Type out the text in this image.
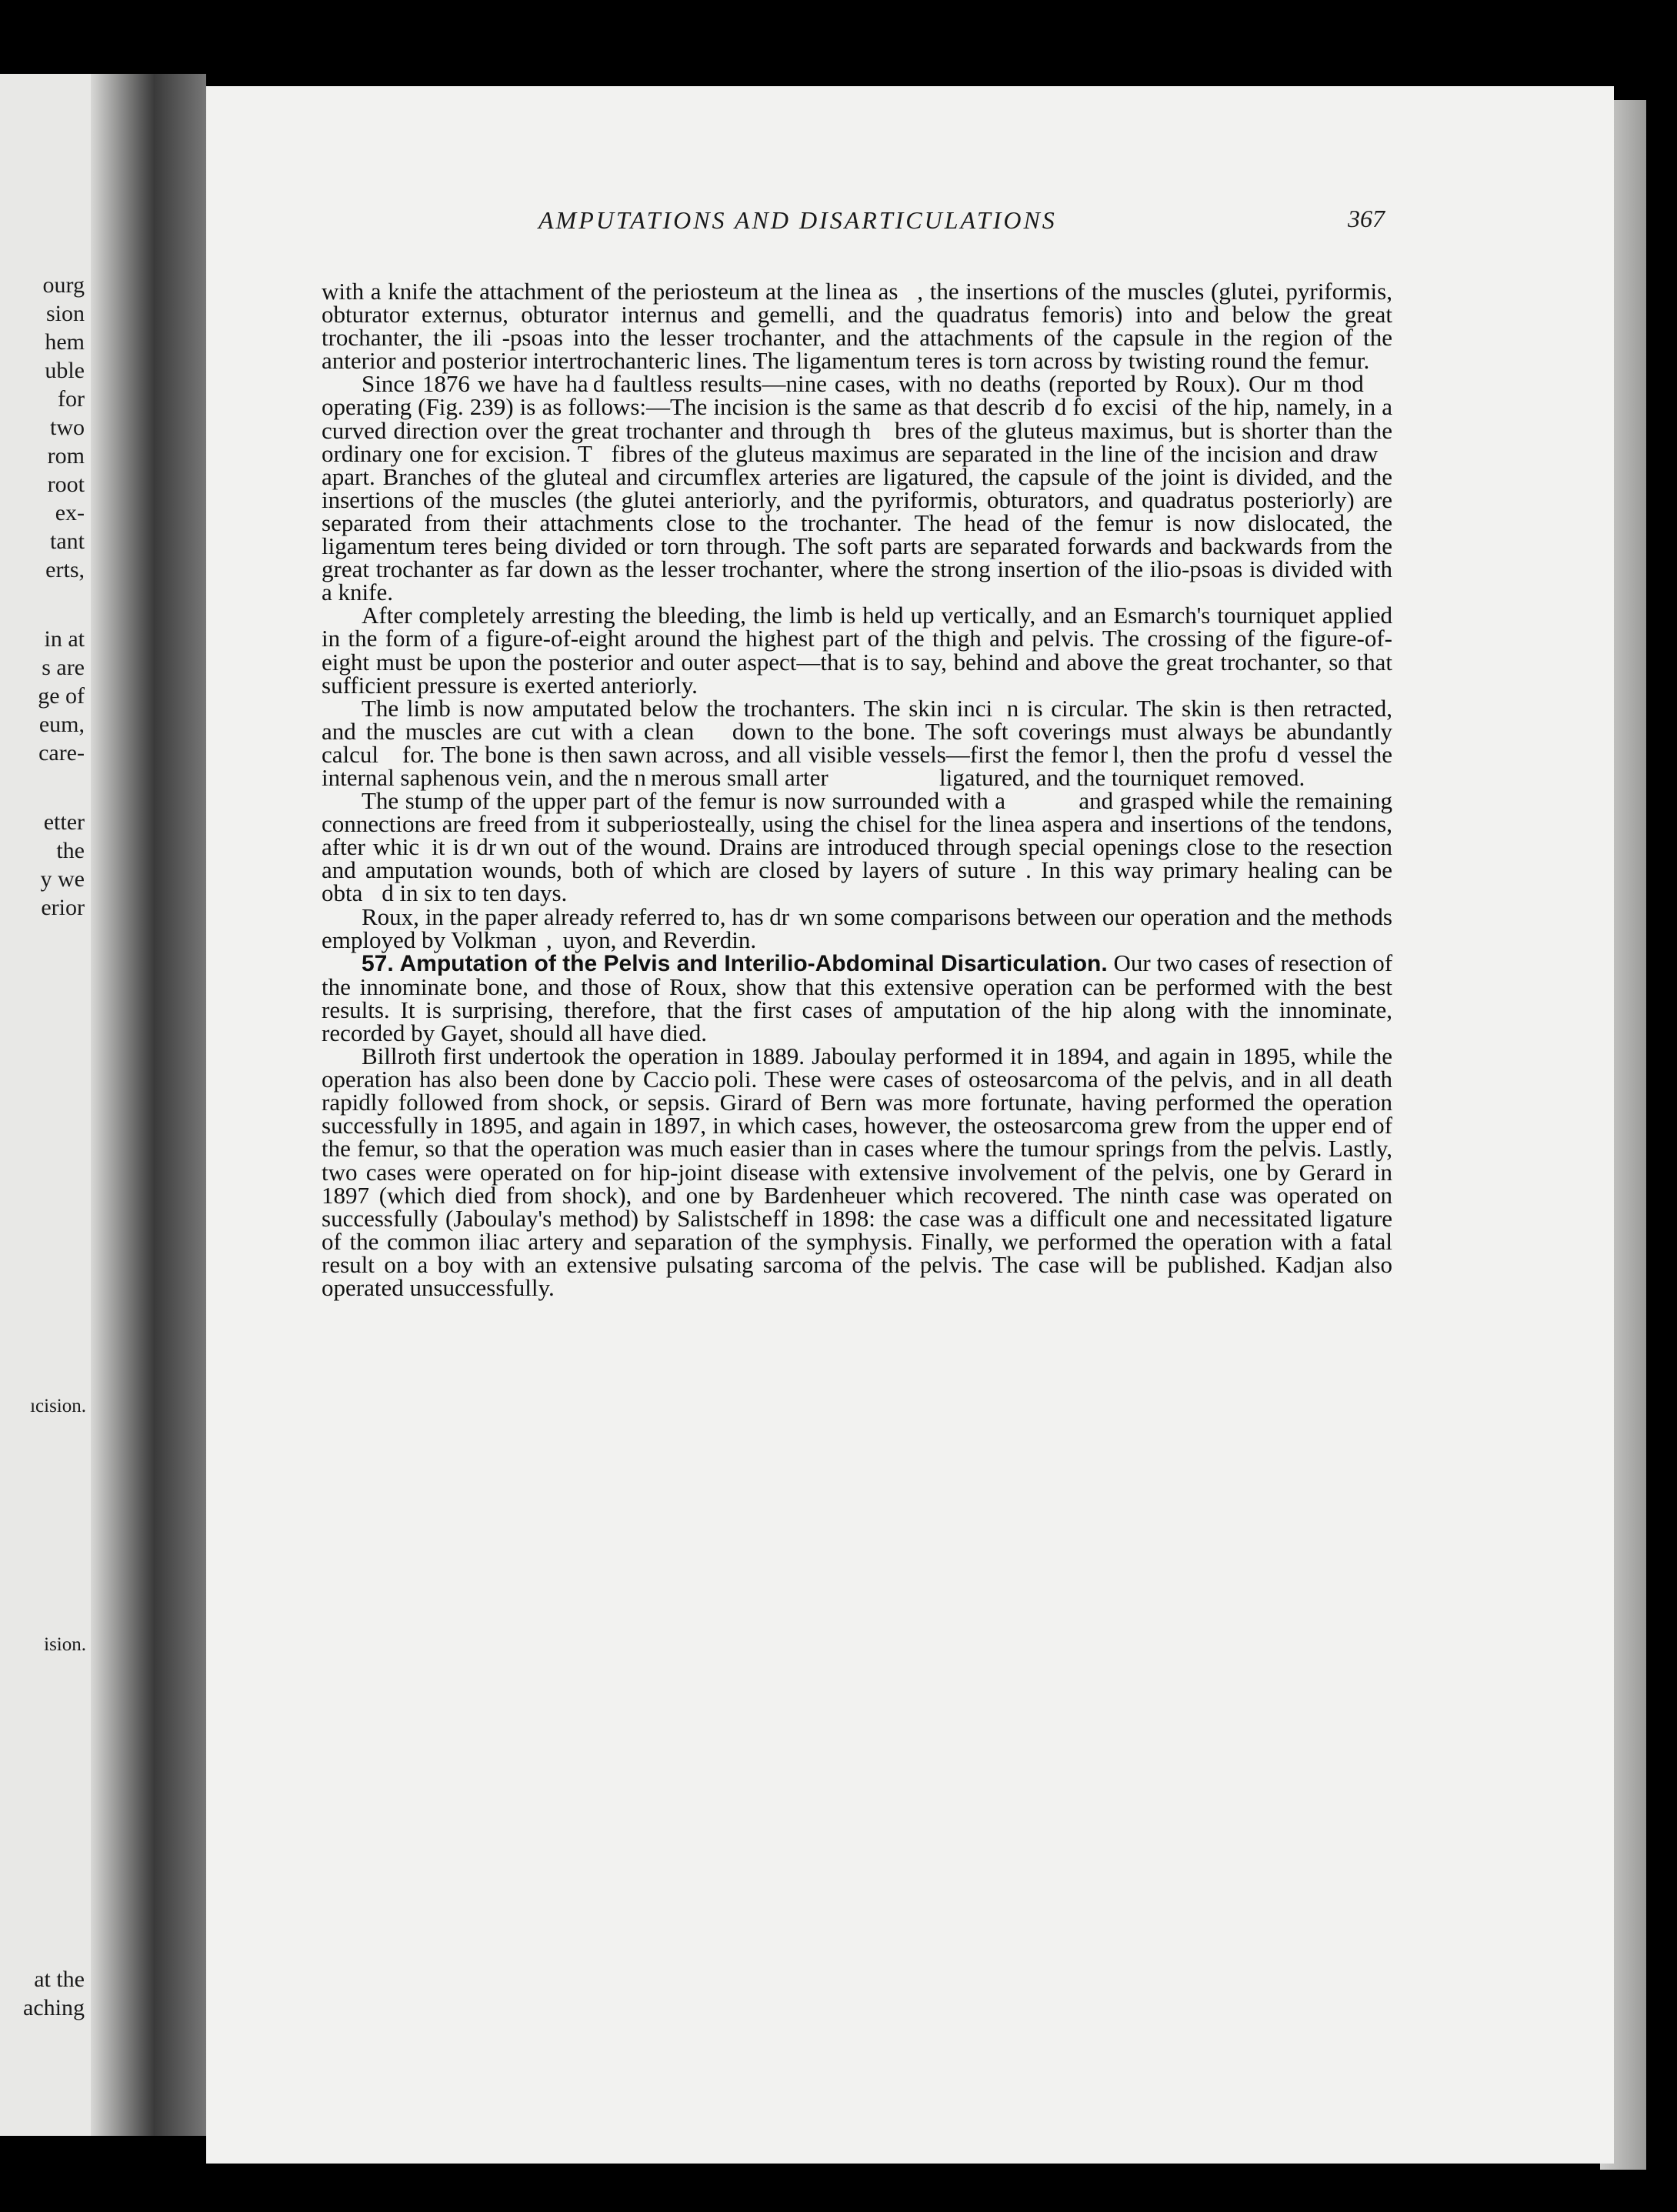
ourg
sion
hem
uble
for
two
rom
root
ex-
tant
erts,
in at
s are
ge of
eum,
care-
etter
the
y we
erior
ıcision.
ision.
at the
aching
AMPUTATIONS AND DISARTICULATIONS	367

with a knife the attachment of the periosteum at the linea as    , the insertions of the muscles (glutei, pyriformis, obturator externus, obturator internus and gemelli, and the quadratus femoris) into and below the great trochanter, the ili  -psoas into the lesser trochanter, and the attachments of the capsule in the region of the anterior and posterior intertrochanteric lines. The ligamentum teres is torn across by twisting round the femur.

Since 1876 we have ha d faultless results—nine cases, with no deaths (reported by Roux). Our m  thod      operating (Fig. 239) is as follows:—The incision is the same as that describ  d fo  excisi   of the hip, namely, in a curved direction over the great trochanter and through th     bres of the gluteus maximus, but is shorter than the ordinary one for excision. T    fibres of the gluteus maximus are separated in the line of the incision and draw   apart. Branches of the gluteal and circumflex arteries are ligatured, the capsule of the joint is divided, and the insertions of the muscles (the glutei anteriorly, and the pyriformis, obturators, and quadratus posteriorly) are separated from their attachments close to the trochanter. The head of the femur is now dislocated, the ligamentum teres being divided or torn through. The soft parts are separated forwards and backwards from the great trochanter as far down as the lesser trochanter, where the strong insertion of the ilio-psoas is divided with a knife.

After completely arresting the bleeding, the limb is held up vertically, and an Esmarch's tourniquet applied in the form of a figure-of-eight around the highest part of the thigh and pelvis. The crossing of the figure-of-eight must be upon the posterior and outer aspect—that is to say, behind and above the great trochanter, so that sufficient pressure is exerted anteriorly.

The limb is now amputated below the trochanters. The skin inci   n is circular. The skin is then retracted, and the muscles are cut with a clean        down to the bone. The soft coverings must always be abundantly calcul     for. The bone is then sawn across, and all visible vessels—first the femor l, then the profu  d  vessel the internal saphenous vein, and the n merous small arter                       ligatured, and the tourniquet removed.

The stump of the upper part of the femur is now surrounded with a               and grasped while the remaining connections are freed from it subperiosteally, using the chisel for the linea aspera and insertions of the tendons, after whic  it is dr wn out of the wound. Drains are introduced through special openings close to the resection and amputation wounds, both of which are closed by layers of suture  . In this way primary healing can be obta    d in six to ten days.

Roux, in the paper already referred to, has dr  wn some comparisons between our operation and the methods employed by Volkman  ,  uyon, and Reverdin.

57. Amputation of the Pelvis and Interilio-Abdominal Disarticulation. Our two cases of resection of the innominate bone, and those of Roux, show that this extensive operation can be performed with the best results. It is surprising, therefore, that the first cases of amputation of the hip along with the innominate, recorded by Gayet, should all have died.

Billroth first undertook the operation in 1889. Jaboulay performed it in 1894, and again in 1895, while the operation has also been done by Caccio poli. These were cases of osteosarcoma of the pelvis, and in all death rapidly followed from shock, or sepsis. Girard of Bern was more fortunate, having performed the operation successfully in 1895, and again in 1897, in which cases, however, the osteosarcoma grew from the upper end of the femur, so that the operation was much easier than in cases where the tumour springs from the pelvis. Lastly, two cases were operated on for hip-joint disease with extensive involvement of the pelvis, one by Gerard in 1897 (which died from shock), and one by Bardenheuer which recovered. The ninth case was operated on successfully (Jaboulay's method) by Salistscheff in 1898: the case was a difficult one and necessitated ligature of the common iliac artery and separation of the symphysis. Finally, we performed the operation with a fatal result on a boy with an extensive pulsating sarcoma of the pelvis. The case will be published. Kadjan also operated unsuccessfully.
